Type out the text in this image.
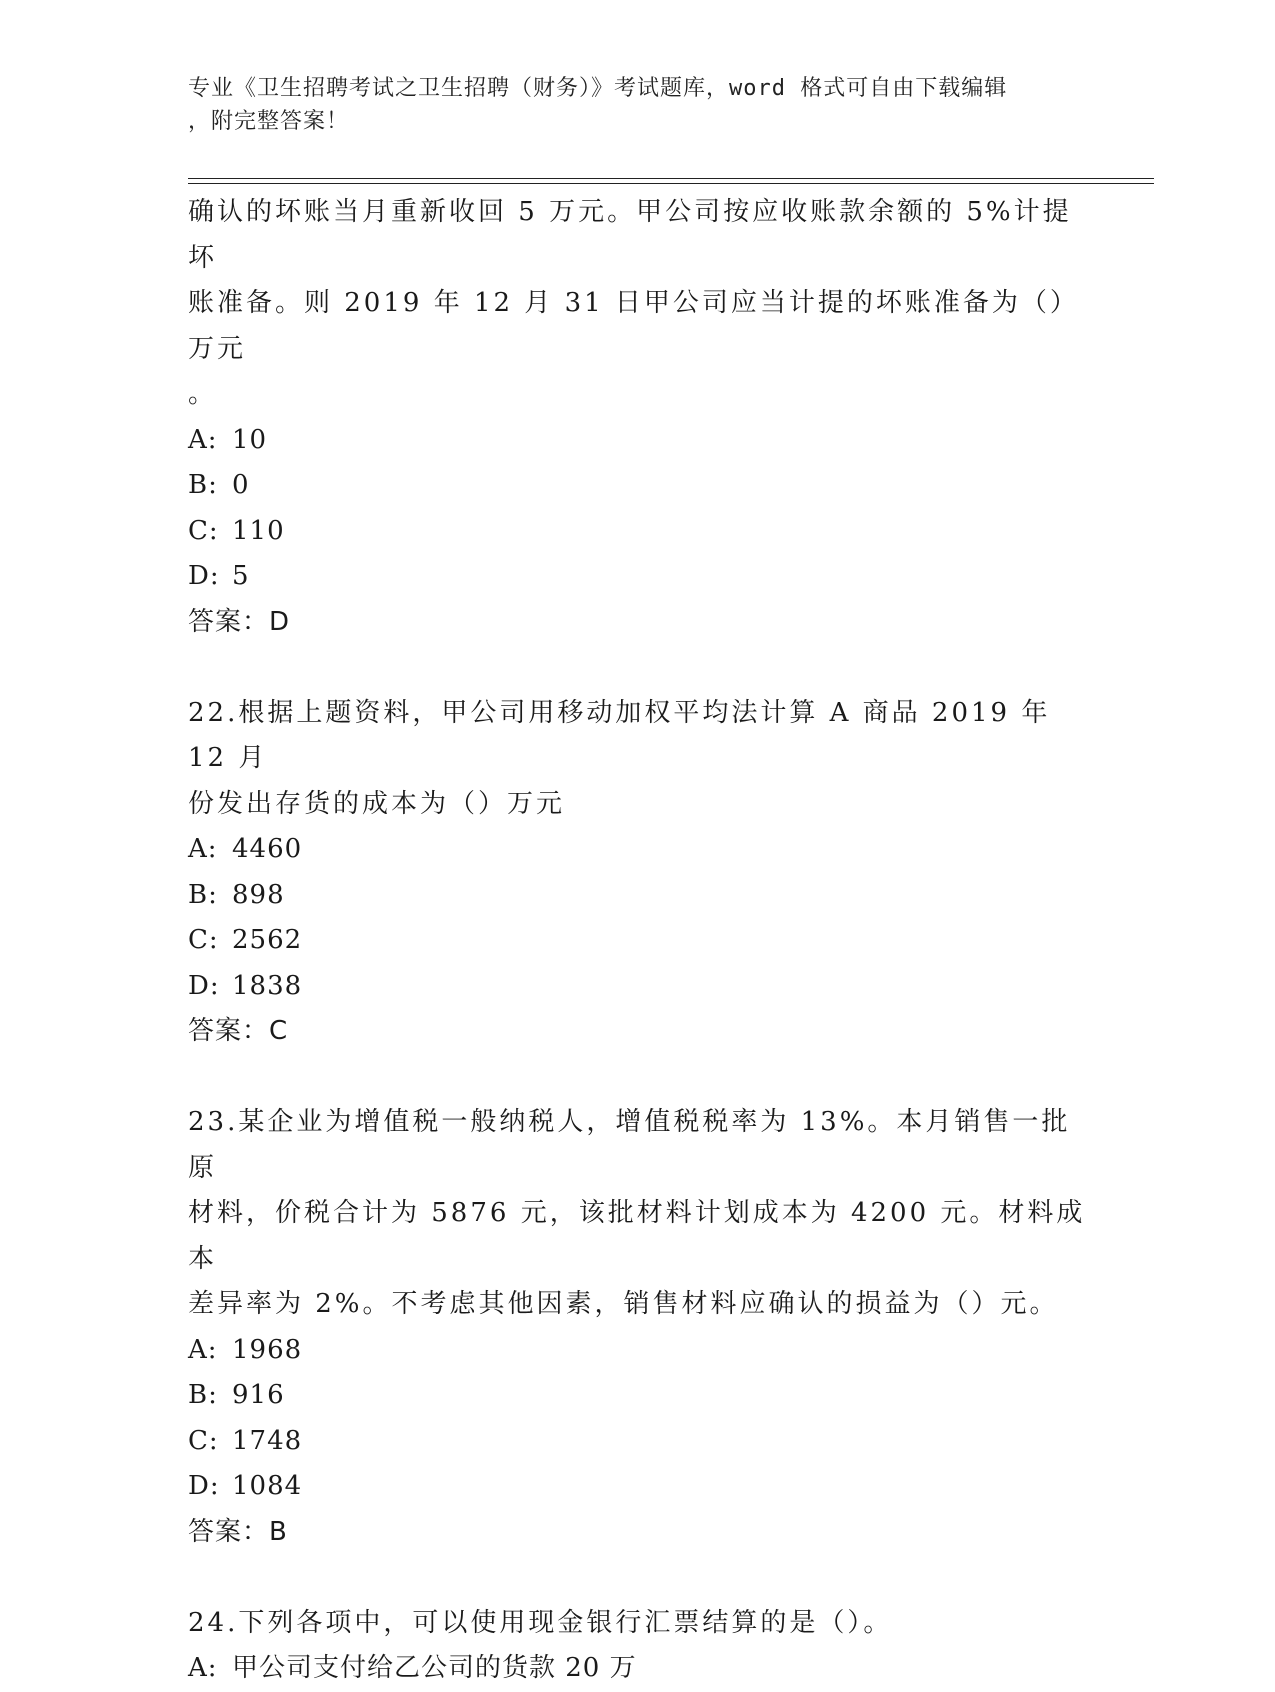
专业《卫生招聘考试之卫生招聘（财务）》考试题库，word 格式可自由下载编辑
，附完整答案！

确认的坏账当月重新收回 5 万元。甲公司按应收账款余额的 5%计提坏

账准备。则 2019 年 12 月 31 日甲公司应当计提的坏账准备为（）万元

。

A: 10

B: 0

C: 110

D: 5

答案：D

22.根据上题资料，甲公司用移动加权平均法计算 A 商品 2019 年 12 月

份发出存货的成本为（）万元

A: 4460

B: 898

C: 2562

D: 1838

答案：C

23.某企业为增值税一般纳税人，增值税税率为 13%。本月销售一批原

材料，价税合计为 5876 元，该批材料计划成本为 4200 元。材料成本

差异率为 2%。不考虑其他因素，销售材料应确认的损益为（）元。

A: 1968

B: 916

C: 1748

D: 1084

答案：B

24.下列各项中，可以使用现金银行汇票结算的是（）。

A: 甲公司支付给乙公司的货款 20 万
